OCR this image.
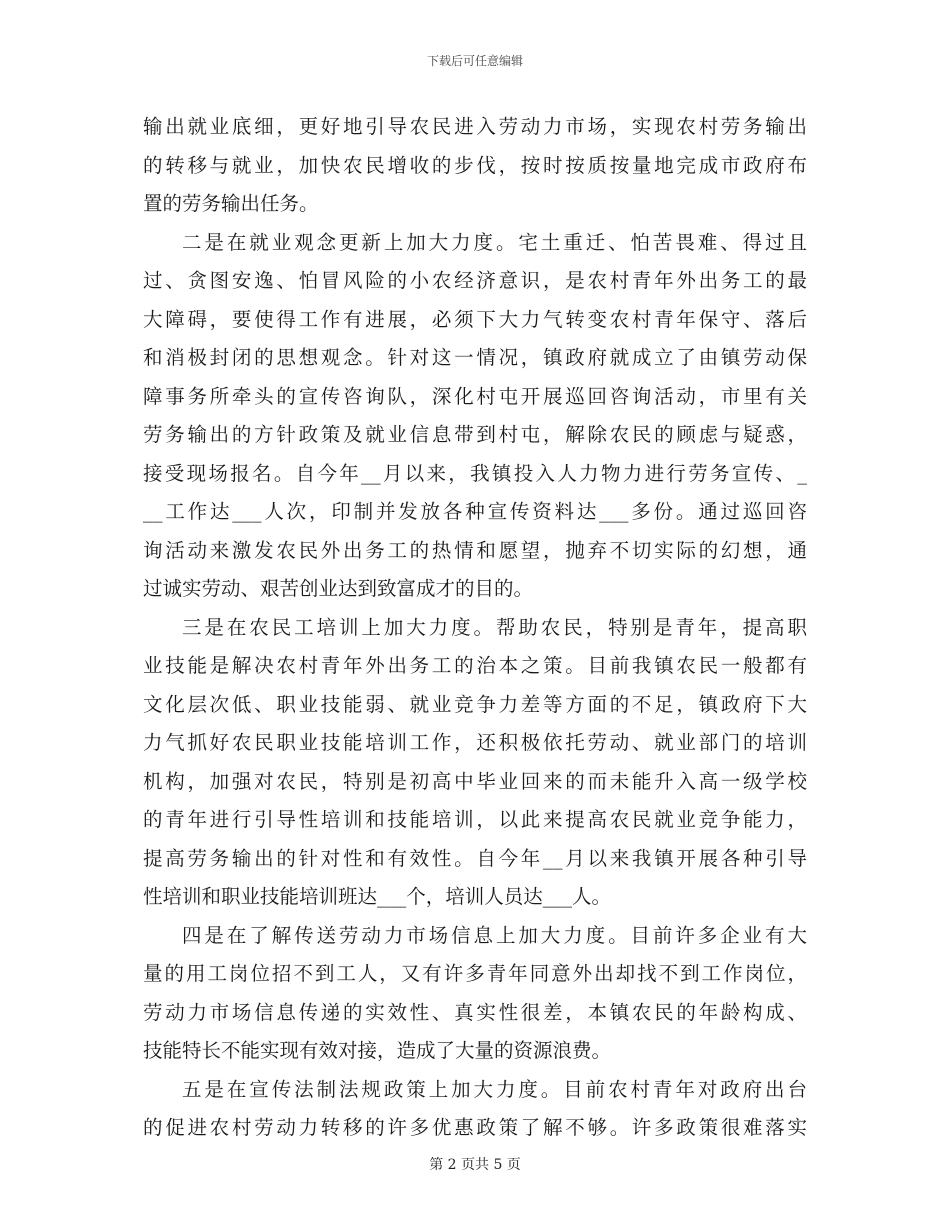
下载后可任意编辑
输出就业底细，更好地引导农民进入劳动力市场，实现农村劳务输出
的转移与就业，加快农民增收的步伐，按时按质按量地完成市政府布
置的劳务输出任务。
二是在就业观念更新上加大力度。宅土重迁、怕苦畏难、得过且
过、贪图安逸、怕冒风险的小农经济意识，是农村青年外出务工的最
大障碍，要使得工作有进展，必须下大力气转变农村青年保守、落后
和消极封闭的思想观念。针对这一情况，镇政府就成立了由镇劳动保
障事务所牵头的宣传咨询队，深化村屯开展巡回咨询活动，市里有关
劳务输出的方针政策及就业信息带到村屯，解除农民的顾虑与疑惑，
接受现场报名。自今年__月以来，我镇投入人力物力进行劳务宣传、_
__工作达___人次，印制并发放各种宣传资料达___多份。通过巡回咨
询活动来激发农民外出务工的热情和愿望，抛弃不切实际的幻想，通
过诚实劳动、艰苦创业达到致富成才的目的。
三是在农民工培训上加大力度。帮助农民，特别是青年，提高职
业技能是解决农村青年外出务工的治本之策。目前我镇农民一般都有
文化层次低、职业技能弱、就业竞争力差等方面的不足，镇政府下大
力气抓好农民职业技能培训工作，还积极依托劳动、就业部门的培训
机构，加强对农民，特别是初高中毕业回来的而未能升入高一级学校
的青年进行引导性培训和技能培训，以此来提高农民就业竞争能力，
提高劳务输出的针对性和有效性。自今年__月以来我镇开展各种引导
性培训和职业技能培训班达___个，培训人员达___人。
四是在了解传送劳动力市场信息上加大力度。目前许多企业有大
量的用工岗位招不到工人，又有许多青年同意外出却找不到工作岗位，
劳动力市场信息传递的实效性、真实性很差，本镇农民的年龄构成、
技能特长不能实现有效对接，造成了大量的资源浪费。
五是在宣传法制法规政策上加大力度。目前农村青年对政府出台
的促进农村劳动力转移的许多优惠政策了解不够。许多政策很难落实
第 2 页共 5 页
